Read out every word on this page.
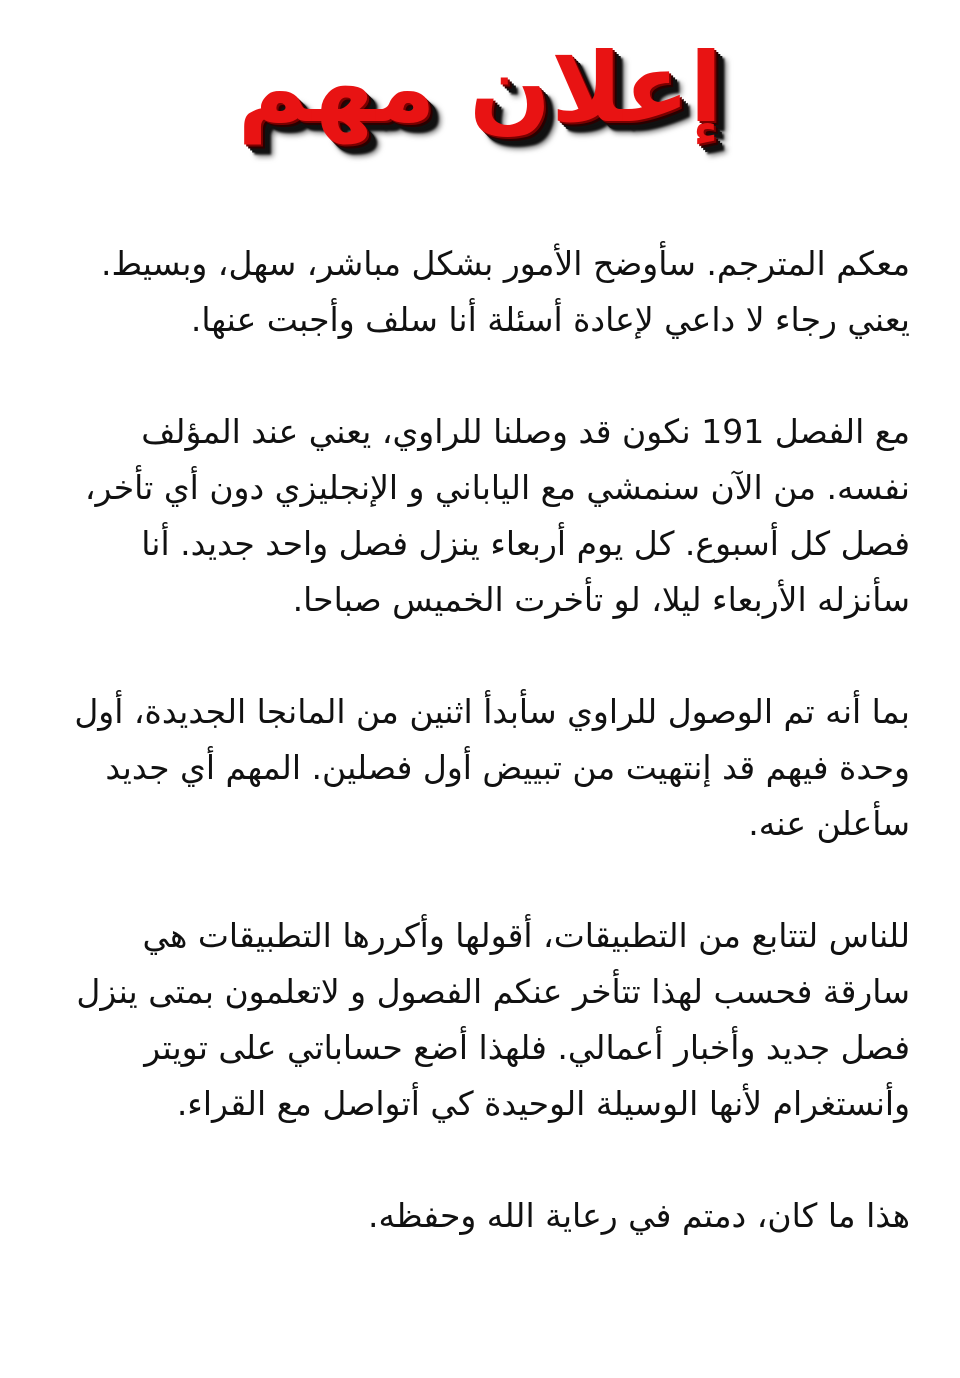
إعلان مهم

معكم المترجم. سأوضح الأمور بشكل مباشر، سهل، وبسيط. يعني رجاء لا داعي لإعادة أسئلة أنا سلف وأجبت عنها.

مع الفصل 191 نكون قد وصلنا للراوي، يعني عند المؤلف نفسه. من الآن سنمشي مع الياباني و الإنجليزي دون أي تأخر، فصل كل أسبوع. كل يوم أربعاء ينزل فصل واحد جديد. أنا سأنزله الأربعاء ليلا، لو تأخرت الخميس صباحا.

بما أنه تم الوصول للراوي سأبدأ اثنين من المانجا الجديدة، أول وحدة فيهم قد إنتهيت من تبييض أول فصلين. المهم أي جديد سأعلن عنه.

للناس لتتابع من التطبيقات، أقولها وأكررها التطبيقات هي سارقة فحسب لهذا تتأخر عنكم الفصول و لاتعلمون بمتى ينزل فصل جديد وأخبار أعمالي. فلهذا أضع حساباتي على تويتر وأنستغرام لأنها الوسيلة الوحيدة كي أتواصل مع القراء.

هذا ما كان، دمتم في رعاية الله وحفظه.
